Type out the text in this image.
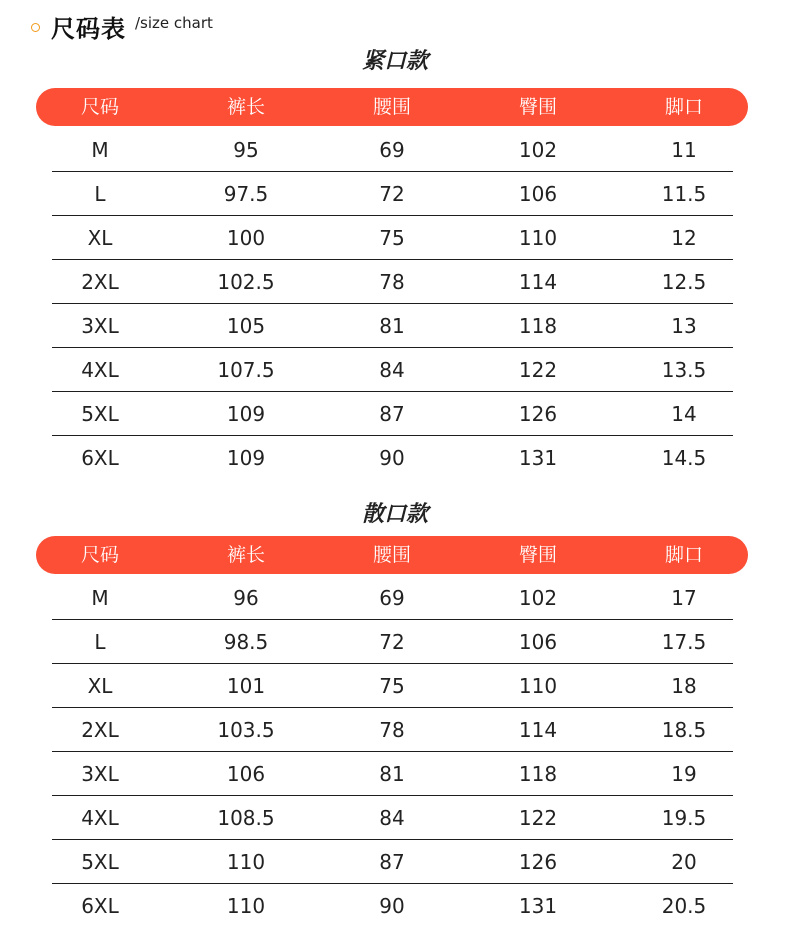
尺码表 /size chart
紧口款
尺码	裤长	腰围	臀围	脚口
M	95	69	102	11
L	97.5	72	106	11.5
XL	100	75	110	12
2XL	102.5	78	114	12.5
3XL	105	81	118	13
4XL	107.5	84	122	13.5
5XL	109	87	126	14
6XL	109	90	131	14.5
散口款
尺码	裤长	腰围	臀围	脚口
M	96	69	102	17
L	98.5	72	106	17.5
XL	101	75	110	18
2XL	103.5	78	114	18.5
3XL	106	81	118	19
4XL	108.5	84	122	19.5
5XL	110	87	126	20
6XL	110	90	131	20.5
